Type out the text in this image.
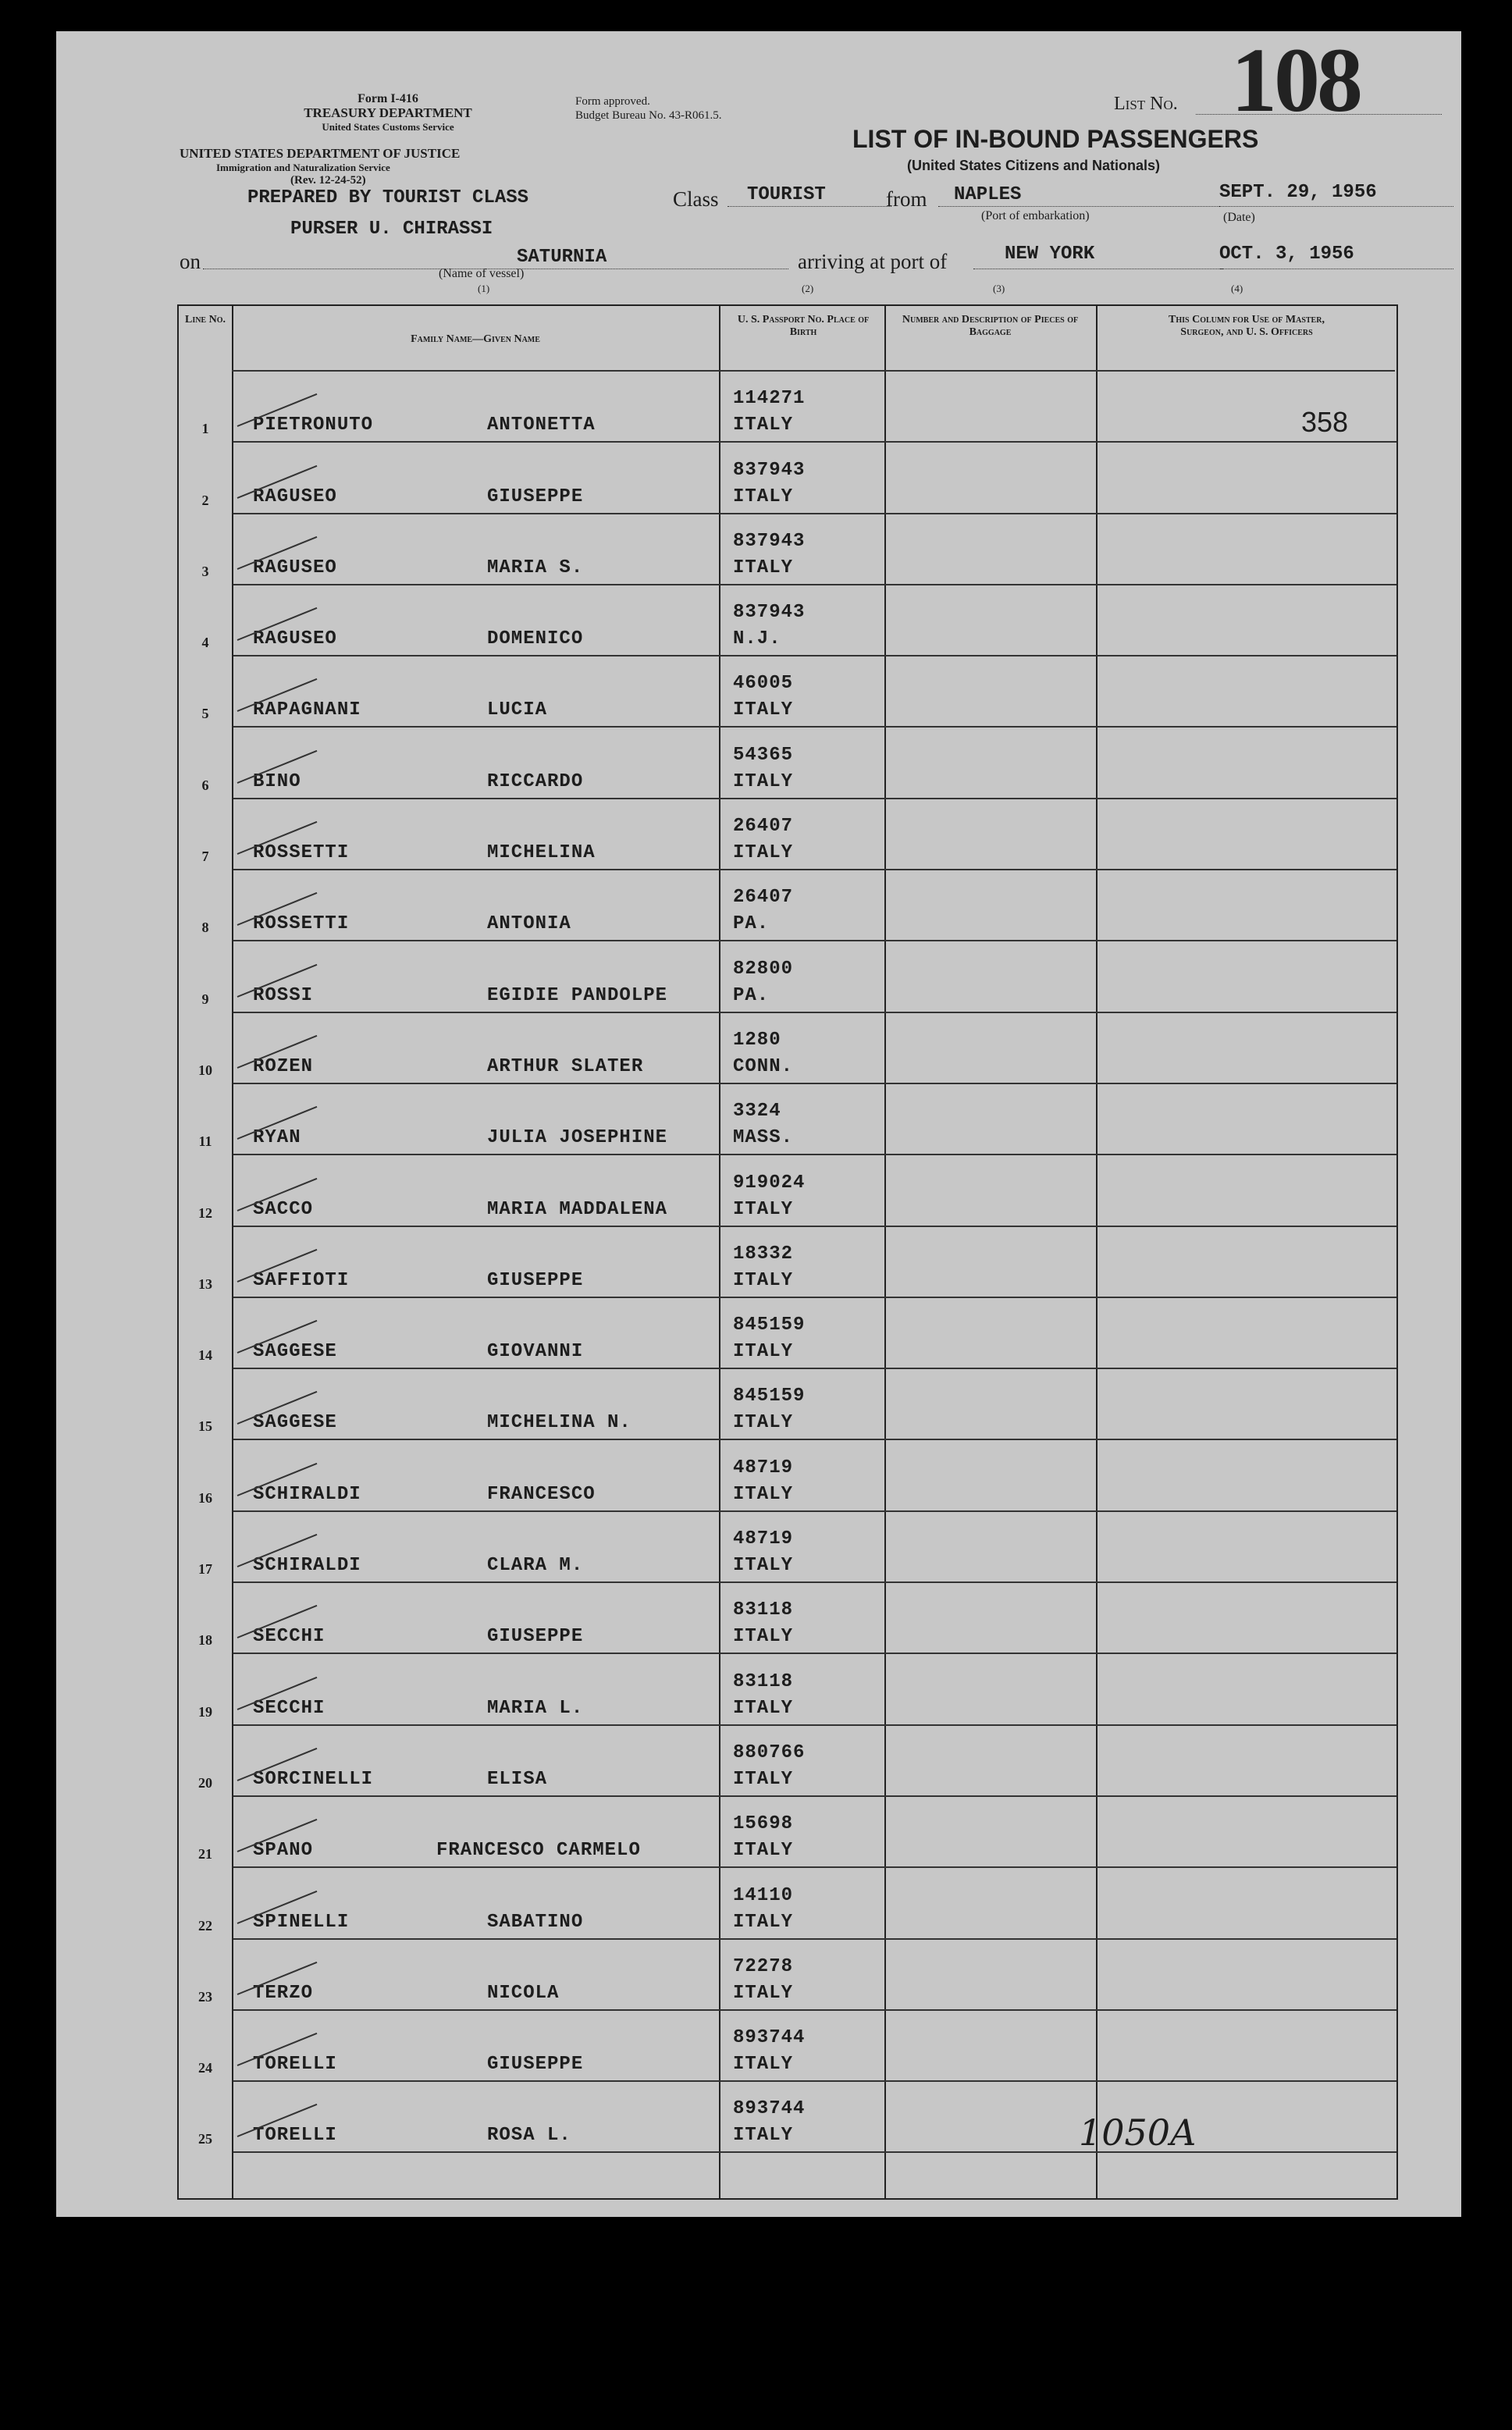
Form I-416
TREASURY DEPARTMENT
United States Customs Service
UNITED STATES DEPARTMENT OF JUSTICE
Immigration and Naturalization Service
(Rev. 12-24-52)
Form approved.
Budget Bureau No. 43-R061.5.
List No. 108
LIST OF IN-BOUND PASSENGERS
(United States Citizens and Nationals)
PREPARED BY TOURIST CLASS
PURSER U. CHIRASSI
Class TOURIST	from NAPLES
(Port of embarkation)
SEPT. 29, 1956
(Date)
on	SATURNIA
(Name of vessel)
arriving at port of	NEW YORK	OCT. 3, 1956
(1)	(2)	(3)	(4)
358
1050A
Line No.
Family Name—Given Name
U. S. Passport No. Place of Birth
Number and Description of Pieces of Baggage
This Column for Use of Master, Surgeon, and U. S. Officers
1	PIETRONUTO	ANTONETTA
114271
ITALY
2	RAGUSEO	GIUSEPPE
837943
ITALY
3	RAGUSEO	MARIA S.
837943
ITALY
4	RAGUSEO	DOMENICO
837943
N.J.
5	RAPAGNANI	LUCIA
46005
ITALY
6	BINO	RICCARDO
54365
ITALY
7	ROSSETTI	MICHELINA
26407
ITALY
8	ROSSETTI	ANTONIA
26407
PA.
9	ROSSI	EGIDIE PANDOLPE
82800
PA.
10	ROZEN	ARTHUR SLATER
1280
CONN.
11	RYAN	JULIA JOSEPHINE
3324
MASS.
12	SACCO	MARIA MADDALENA
919024
ITALY
13	SAFFIOTI	GIUSEPPE
18332
ITALY
14	SAGGESE	GIOVANNI
845159
ITALY
15	SAGGESE	MICHELINA N.
845159
ITALY
16	SCHIRALDI	FRANCESCO
48719
ITALY
17	SCHIRALDI	CLARA M.
48719
ITALY
18	SECCHI	GIUSEPPE
83118
ITALY
19	SECCHI	MARIA L.
83118
ITALY
20	SORCINELLI	ELISA
880766
ITALY
21	SPANO	FRANCESCO CARMELO
15698
ITALY
22	SPINELLI	SABATINO
14110
ITALY
23	TERZO	NICOLA
72278
ITALY
24	TORELLI	GIUSEPPE
893744
ITALY
25	TORELLI	ROSA L.
893744
ITALY
